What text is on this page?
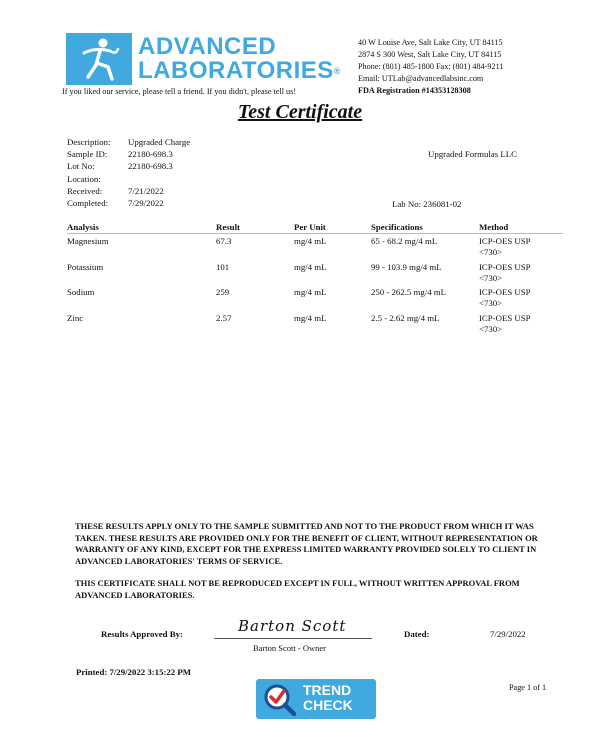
ADVANCED
LABORATORIES®
If you liked our service, please tell a friend. If you didn't, please tell us!
40 W Louise Ave, Salt Lake City, UT 84115
2874 S 300 West, Salt Lake City, UT 84115
Phone: (801) 485-1800 Fax: (801) 484-9211
Email: UTLab@advancedlabsinc.com
FDA Registration #14353128308
Test Certificate
Description:	Upgraded Charge
Sample ID:	22180-698.3
Lot No:	22180-698.3
Location:
Received:	7/21/2022
Completed:	7/29/2022
Upgraded Formulas LLC
Lab No: 236081-02
Analysis	Result	Per Unit	Specifications	Method
Magnesium	67.3	mg/4 mL	65 - 68.2 mg/4 mL	ICP-OES USP
<730>
Potassium	101	mg/4 mL	99 - 103.9 mg/4 mL	ICP-OES USP
<730>
Sodium	259	mg/4 mL	250 - 262.5 mg/4 mL	ICP-OES USP
<730>
Zinc	2.57	mg/4 mL	2.5 - 2.62 mg/4 mL	ICP-OES USP
<730>

THESE RESULTS APPLY ONLY TO THE SAMPLE SUBMITTED AND NOT TO THE PRODUCT FROM WHICH IT WAS TAKEN. THESE RESULTS ARE PROVIDED ONLY FOR THE BENEFIT OF CLIENT, WITHOUT REPRESENTATION OR WARRANTY OF ANY KIND, EXCEPT FOR THE EXPRESS LIMITED WARRANTY PROVIDED SOLELY TO CLIENT IN ADVANCED LABORATORIES' TERMS OF SERVICE.

THIS CERTIFICATE SHALL NOT BE REPRODUCED EXCEPT IN FULL, WITHOUT WRITTEN APPROVAL FROM ADVANCED LABORATORIES.

Results Approved By:	Barton Scott
Barton Scott - Owner
Dated:	7/29/2022
Printed: 7/29/2022 3:15:22 PM
TREND
CHECK
Page 1 of 1
